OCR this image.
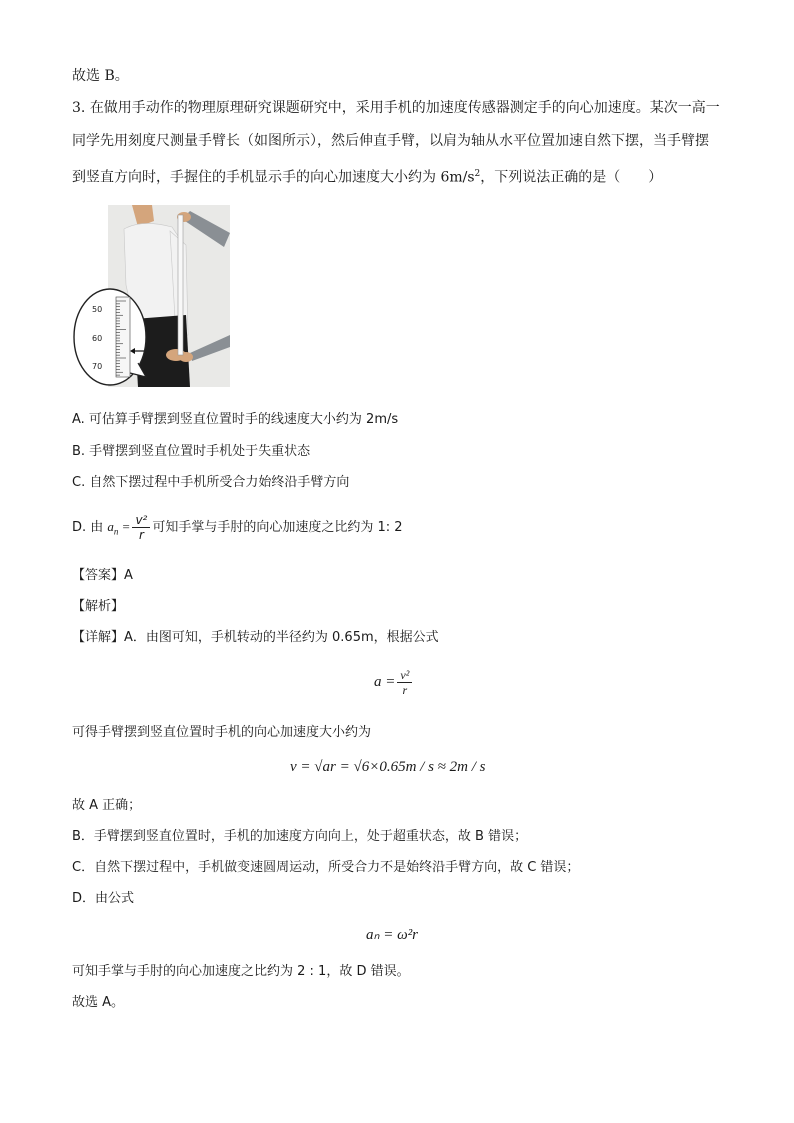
故选 B。
3. 在做用手动作的物理原理研究课题研究中，采用手机的加速度传感器测定手的向心加速度。某次一高一
同学先用刻度尺测量手臂长（如图所示），然后伸直手臂，以肩为轴从水平位置加速自然下摆，当手臂摆
到竖直方向时，手握住的手机显示手的向心加速度大小约为 $6m/s^2$，下列说法正确的是（　　）
50
60
70
A. 可估算手臂摆到竖直位置时手的线速度大小约为 2m/s
B. 手臂摆到竖直位置时手机处于失重状态
C. 自然下摆过程中手机所受合力始终沿手臂方向
D. 由 $a_n = \frac{\text{v²}}{r}$ 可知手掌与手肘的向心加速度之比约为 1: 2
【答案】A
【解析】
【详解】A．由图可知，手机转动的半径约为 0.65m，根据公式
$a = \frac{\text{v²}}{r}$
可得手臂摆到竖直位置时手机的向心加速度大小约为
v = √ar = √6×0.65m / s ≈ 2m / s
故 A 正确；
B．手臂摆到竖直位置时，手机的加速度方向向上，处于超重状态，故 B 错误；
C．自然下摆过程中，手机做变速圆周运动，所受合力不是始终沿手臂方向，故 C 错误；
D．由公式
aₙ = ω²r
可知手掌与手肘的向心加速度之比约为 2 : 1，故 D 错误。
故选 A。
